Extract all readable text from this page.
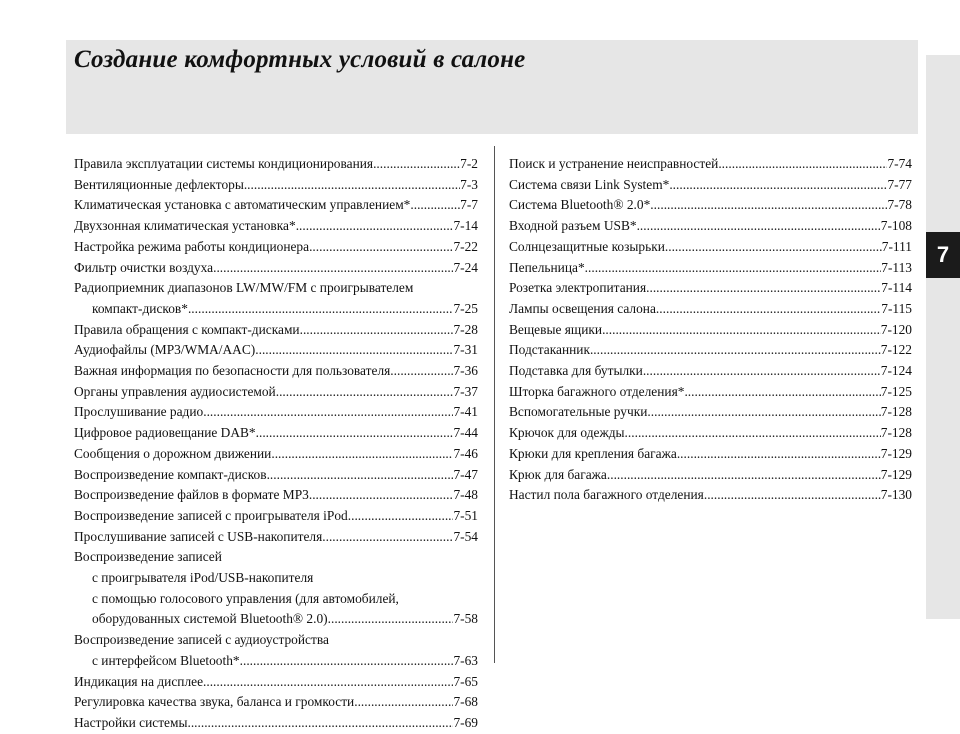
Создание комфортных условий в салоне
7
Правила эксплуатации системы кондиционирования .....	7-2
Вентиляционные дефлекторы .....	7-3
Климатическая установка с автоматическим управлением* .....	7-7
Двухзонная климатическая установка* .....	7-14
Настройка режима работы кондиционера .....	7-22
Фильтр очистки воздуха .....	7-24
Радиоприемник диапазонов LW/MW/FM с проигрывателем
компакт-дисков* .....	7-25
Правила обращения с компакт-дисками .....	7-28
Аудиофайлы (MP3/WMA/AAC) .....	7-31
Важная информация по безопасности для пользователя .....	7-36
Органы управления аудиосистемой .....	7-37
Прослушивание радио .....	7-41
Цифровое радиовещание DAB* .....	7-44
Сообщения о дорожном движении .....	7-46
Воспроизведение компакт-дисков .....	7-47
Воспроизведение файлов в формате MP3 .....	7-48
Воспроизведение записей с проигрывателя iPod .....	7-51
Прослушивание записей с USB-накопителя .....	7-54
Воспроизведение записей
с проигрывателя iPod/USB-накопителя
с помощью голосового управления (для автомобилей,
оборудованных системой Bluetooth® 2.0) .....	7-58
Воспроизведение записей с аудиоустройства
с интерфейсом Bluetooth* .....	7-63
Индикация на дисплее .....	7-65
Регулировка качества звука, баланса и громкости .....	7-68
Настройки системы .....	7-69
Поиск и устранение неисправностей .....	7-74
Система связи Link System* .....	7-77
Система Bluetooth® 2.0* .....	7-78
Входной разъем USB* .....	7-108
Солнцезащитные козырьки .....	7-111
Пепельница* .....	7-113
Розетка электропитания .....	7-114
Лампы освещения салона .....	7-115
Вещевые ящики .....	7-120
Подстаканник .....	7-122
Подставка для бутылки .....	7-124
Шторка багажного отделения* .....	7-125
Вспомогательные ручки .....	7-128
Крючок для одежды .....	7-128
Крюки для крепления багажа .....	7-129
Крюк для багажа .....	7-129
Настил пола багажного отделения .....	7-130
